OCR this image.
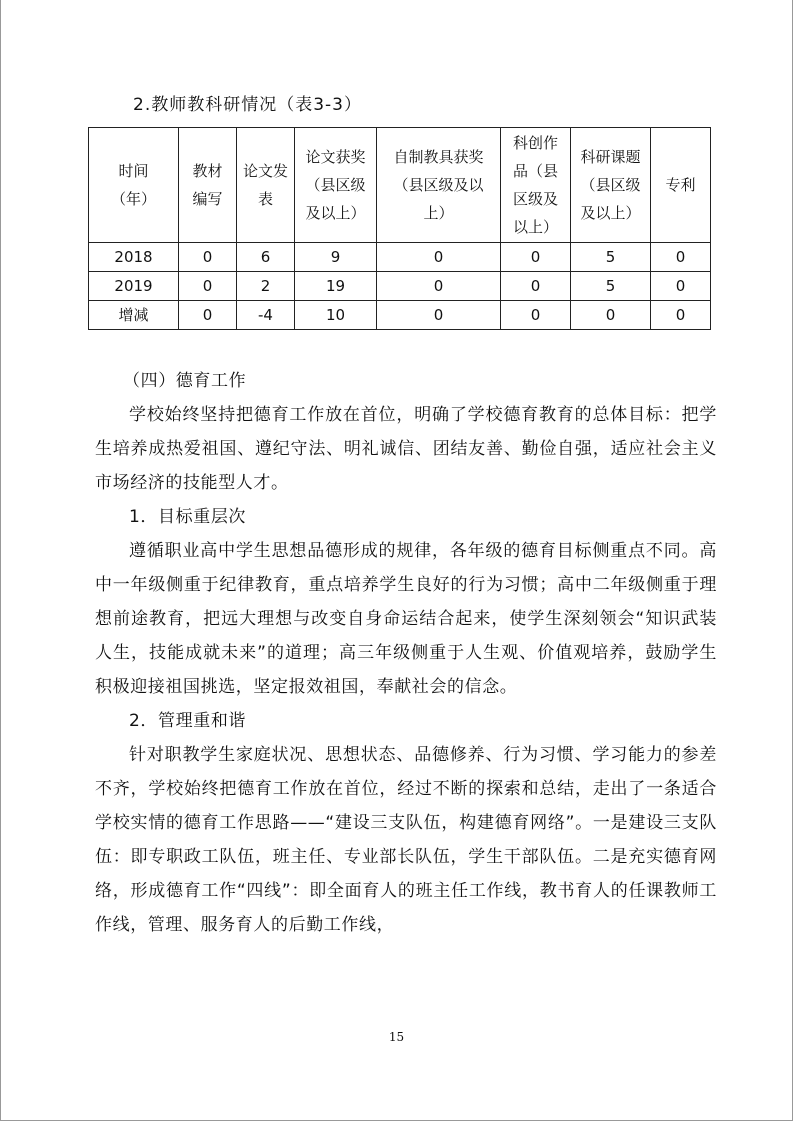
2.教师教科研情况（表3-3）
时间（年）	教材编写	论文发表	论文获奖（县区级及以上）	自制教具获奖（县区级及以上）	科创作品（县区级及以上）	科研课题（县区级及以上）	专利
2018	0	6	9	0	0	5	0
2019	0	2	19	0	0	5	0
增减	0	-4	10	0	0	0	0

（四）德育工作

学校始终坚持把德育工作放在首位，明确了学校德育教育的总体目标：把学生培养成热爱祖国、遵纪守法、明礼诚信、团结友善、勤俭自强，适应社会主义市场经济的技能型人才。

1．目标重层次

遵循职业高中学生思想品德形成的规律，各年级的德育目标侧重点不同。高中一年级侧重于纪律教育，重点培养学生良好的行为习惯；高中二年级侧重于理想前途教育，把远大理想与改变自身命运结合起来，使学生深刻领会“知识武装人生，技能成就未来”的道理；高三年级侧重于人生观、价值观培养，鼓励学生积极迎接祖国挑选，坚定报效祖国，奉献社会的信念。

2．管理重和谐

针对职教学生家庭状况、思想状态、品德修养、行为习惯、学习能力的参差不齐，学校始终把德育工作放在首位，经过不断的探索和总结，走出了一条适合学校实情的德育工作思路——“建设三支队伍，构建德育网络”。一是建设三支队伍：即专职政工队伍，班主任、专业部长队伍，学生干部队伍。二是充实德育网络，形成德育工作“四线”：即全面育人的班主任工作线，教书育人的任课教师工作线，管理、服务育人的后勤工作线，

15
